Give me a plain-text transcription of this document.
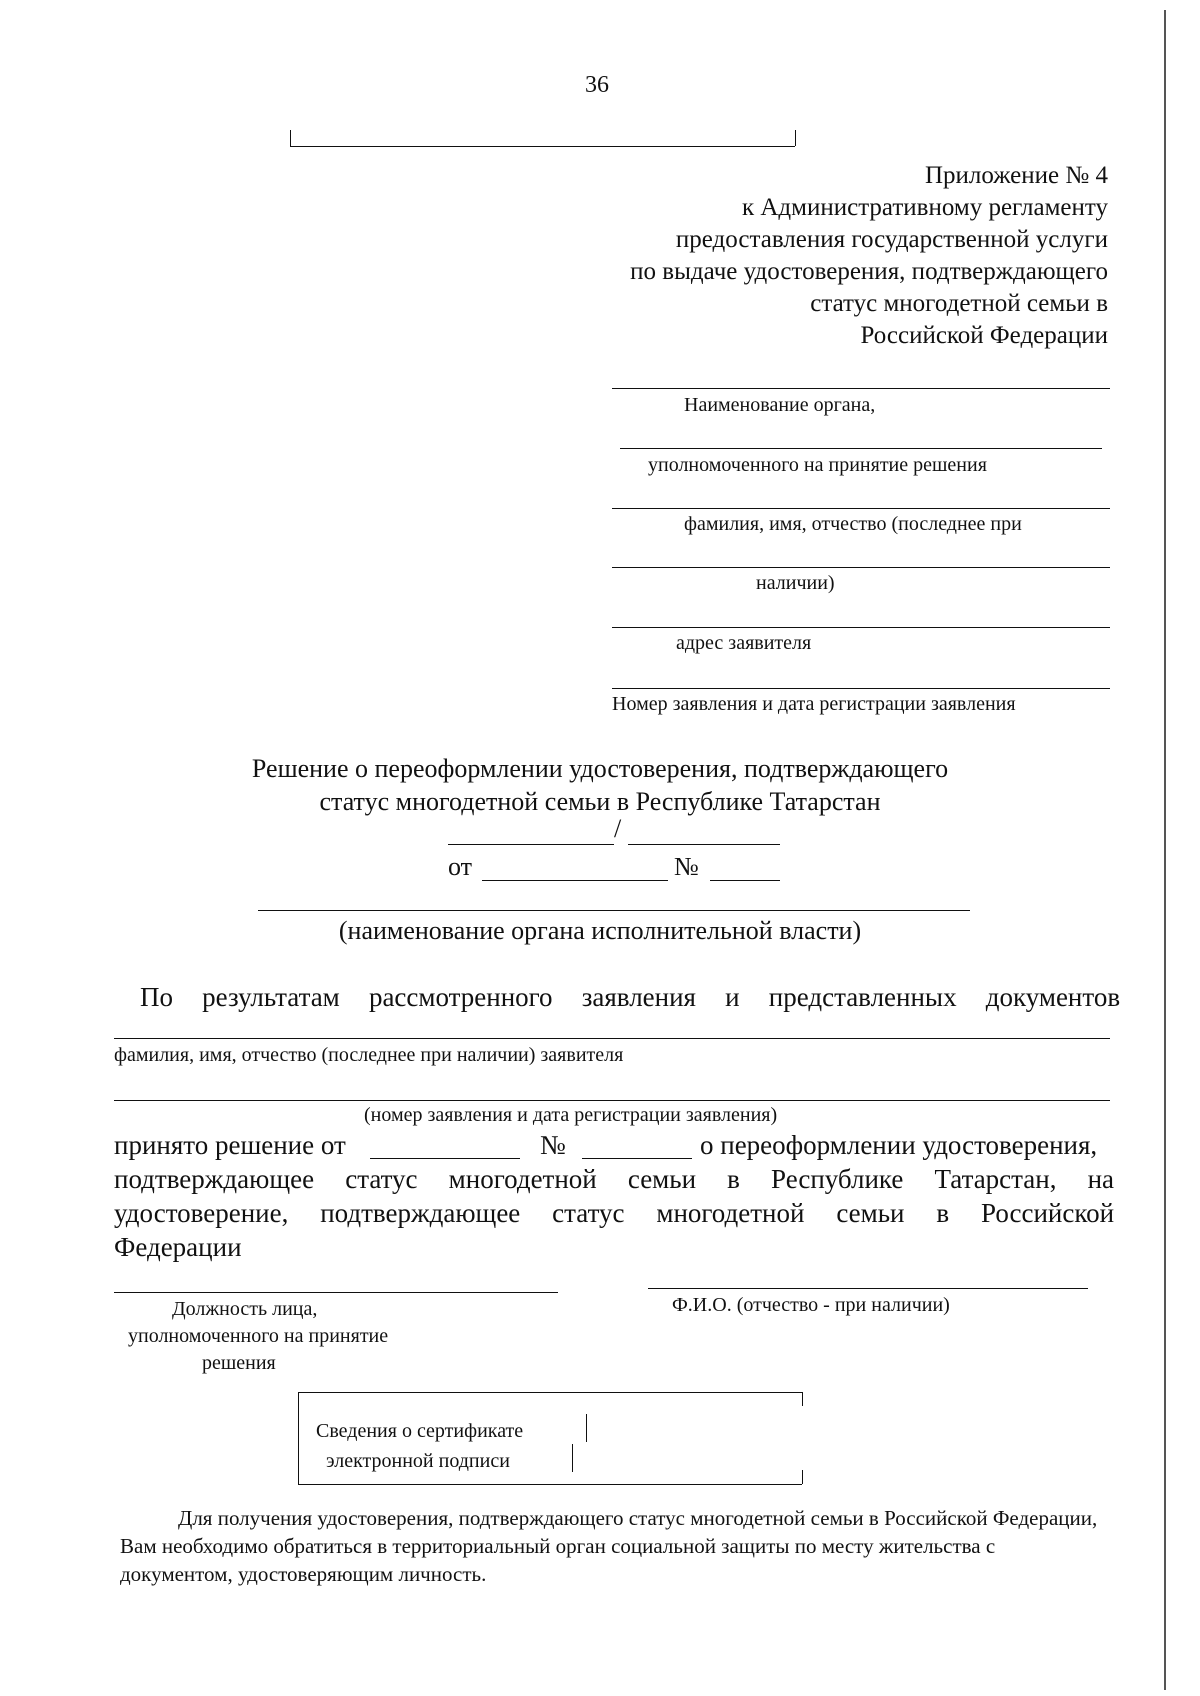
36
Приложение № 4
к Административному регламенту
предоставления государственной услуги
по выдаче удостоверения, подтверждающего
статус многодетной семьи в
Российской Федерации
Наименование органа,
уполномоченного на принятие решения
фамилия, имя, отчество (последнее при
наличии)
адрес заявителя
Номер заявления и дата регистрации заявления
Решение о переоформлении удостоверения, подтверждающего
статус многодетной семьи в Республике Татарстан
/
от	№
(наименование органа исполнительной власти)
По результатам рассмотренного заявления и представленных документов
фамилия, имя, отчество (последнее при наличии) заявителя
(номер заявления и дата регистрации заявления)
принято решение от	№	о переоформлении удостоверения,
подтверждающее статус многодетной семьи в Республике Татарстан, на
удостоверение, подтверждающее статус многодетной семьи в Российской
Федерации
Должность лица,
уполномоченного на принятие
решения
Ф.И.О. (отчество - при наличии)
Сведения о сертификате
электронной подписи
Для получения удостоверения, подтверждающего статус многодетной семьи в Российской Федерации, Вам необходимо обратиться в территориальный орган социальной защиты по месту жительства с документом, удостоверяющим личность.
